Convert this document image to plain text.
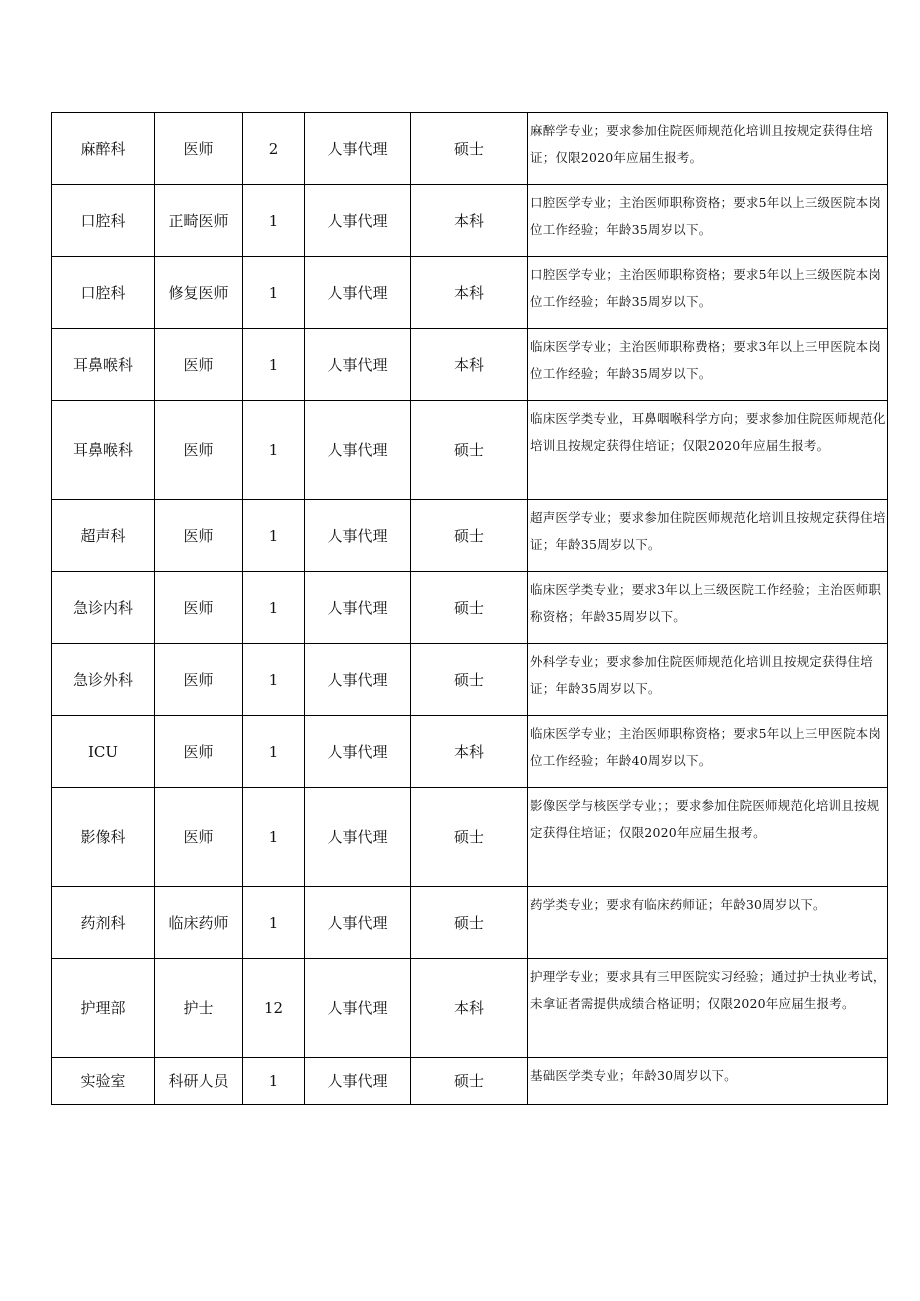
麻醉科	医师	2	人事代理	硕士	麻醉学专业；要求参加住院医师规范化培训且按规定获得住培证；仅限2020年应届生报考。
口腔科	正畸医师	1	人事代理	本科	口腔医学专业；主治医师职称资格；要求5年以上三级医院本岗位工作经验；年龄35周岁以下。
口腔科	修复医师	1	人事代理	本科	口腔医学专业；主治医师职称资格；要求5年以上三级医院本岗位工作经验；年龄35周岁以下。
耳鼻喉科	医师	1	人事代理	本科	临床医学专业；主治医师职称费格；要求3年以上三甲医院本岗位工作经验；年龄35周岁以下。
耳鼻喉科	医师	1	人事代理	硕士	临床医学类专业，耳鼻咽喉科学方向；要求参加住院医师规范化培训且按规定获得住培证；仅限2020年应届生报考。
超声科	医师	1	人事代理	硕士	超声医学专业；要求参加住院医师规范化培训且按规定获得住培证；年龄35周岁以下。
急诊内科	医师	1	人事代理	硕士	临床医学类专业；要求3年以上三级医院工作经验；主治医师职称资格；年龄35周岁以下。
急诊外科	医师	1	人事代理	硕士	外科学专业；要求参加住院医师规范化培训且按规定获得住培证；年龄35周岁以下。
ICU	医师	1	人事代理	本科	临床医学专业；主治医师职称资格；要求5年以上三甲医院本岗位工作经验；年龄40周岁以下。
影像科	医师	1	人事代理	硕士	影像医学与核医学专业；；要求参加住院医师规范化培训且按规定获得住培证；仅限2020年应届生报考。
药剂科	临床药师	1	人事代理	硕士	药学类专业；要求有临床药师证；年龄30周岁以下。
护理部	护士	12	人事代理	本科	护理学专业；要求具有三甲医院实习经验；通过护士执业考试，未拿证者需提供成绩合格证明；仅限2020年应届生报考。
实验室	科研人员	1	人事代理	硕士	基础医学类专业；年龄30周岁以下。
